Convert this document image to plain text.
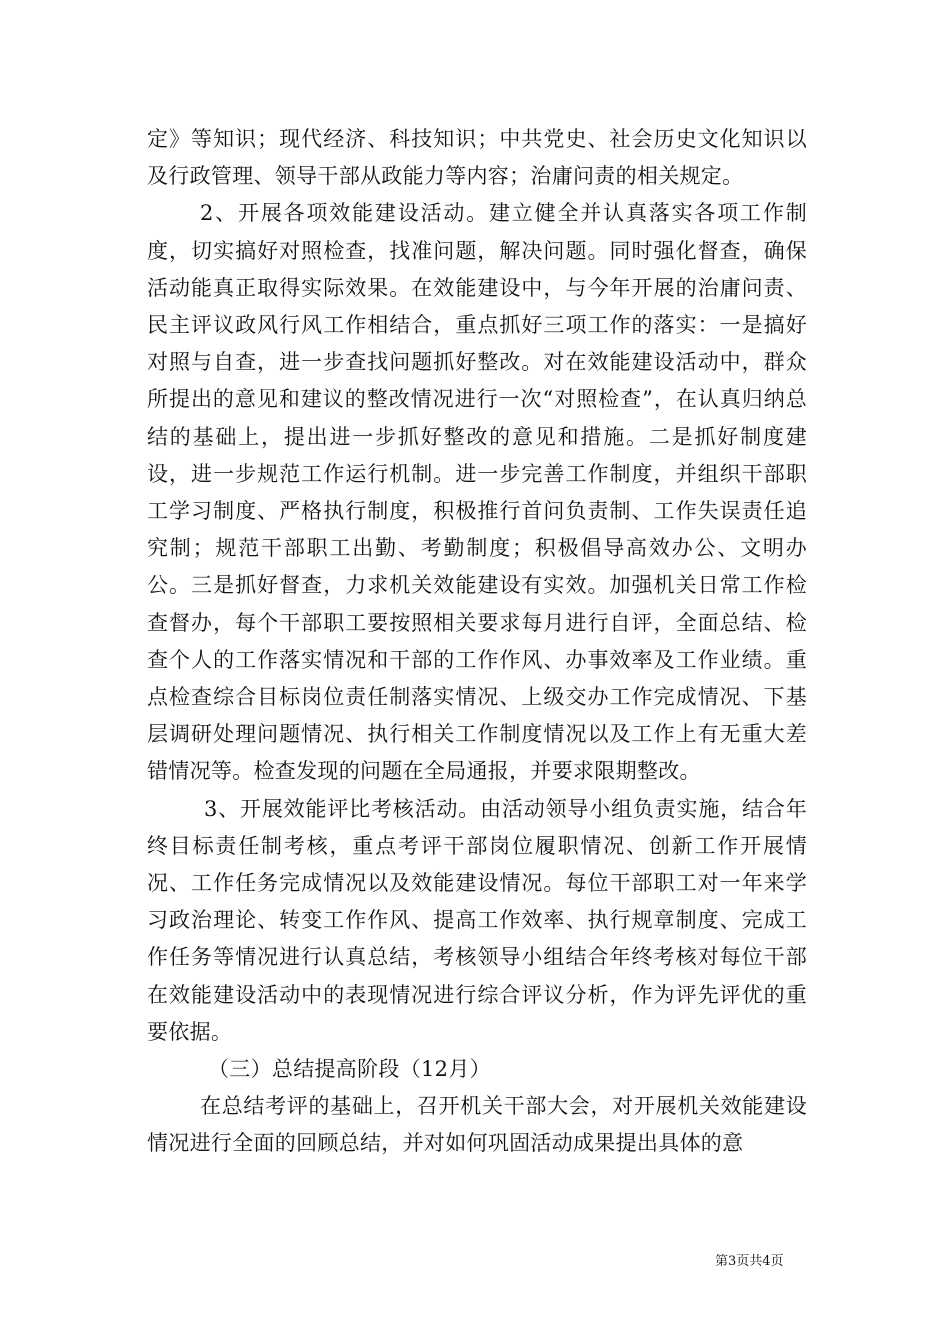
定》等知识；现代经济、科技知识；中共党史、社会历史文化知识以及行政管理、领导干部从政能力等内容；治庸问责的相关规定。

2、开展各项效能建设活动。建立健全并认真落实各项工作制度，切实搞好对照检查，找准问题，解决问题。同时强化督查，确保活动能真正取得实际效果。在效能建设中，与今年开展的治庸问责、民主评议政风行风工作相结合，重点抓好三项工作的落实：一是搞好对照与自查，进一步查找问题抓好整改。对在效能建设活动中，群众所提出的意见和建议的整改情况进行一次“对照检查”，在认真归纳总结的基础上，提出进一步抓好整改的意见和措施。二是抓好制度建设，进一步规范工作运行机制。进一步完善工作制度，并组织干部职工学习制度、严格执行制度，积极推行首问负责制、工作失误责任追究制；规范干部职工出勤、考勤制度；积极倡导高效办公、文明办公。三是抓好督查，力求机关效能建设有实效。加强机关日常工作检查督办，每个干部职工要按照相关要求每月进行自评，全面总结、检查个人的工作落实情况和干部的工作作风、办事效率及工作业绩。重点检查综合目标岗位责任制落实情况、上级交办工作完成情况、下基层调研处理问题情况、执行相关工作制度情况以及工作上有无重大差错情况等。检查发现的问题在全局通报，并要求限期整改。

3、开展效能评比考核活动。由活动领导小组负责实施，结合年终目标责任制考核，重点考评干部岗位履职情况、创新工作开展情况、工作任务完成情况以及效能建设情况。每位干部职工对一年来学习政治理论、转变工作作风、提高工作效率、执行规章制度、完成工作任务等情况进行认真总结，考核领导小组结合年终考核对每位干部在效能建设活动中的表现情况进行综合评议分析，作为评先评优的重要依据。

（三）总结提高阶段（12月）

在总结考评的基础上，召开机关干部大会，对开展机关效能建设情况进行全面的回顾总结，并对如何巩固活动成果提出具体的意

第3页共4页
